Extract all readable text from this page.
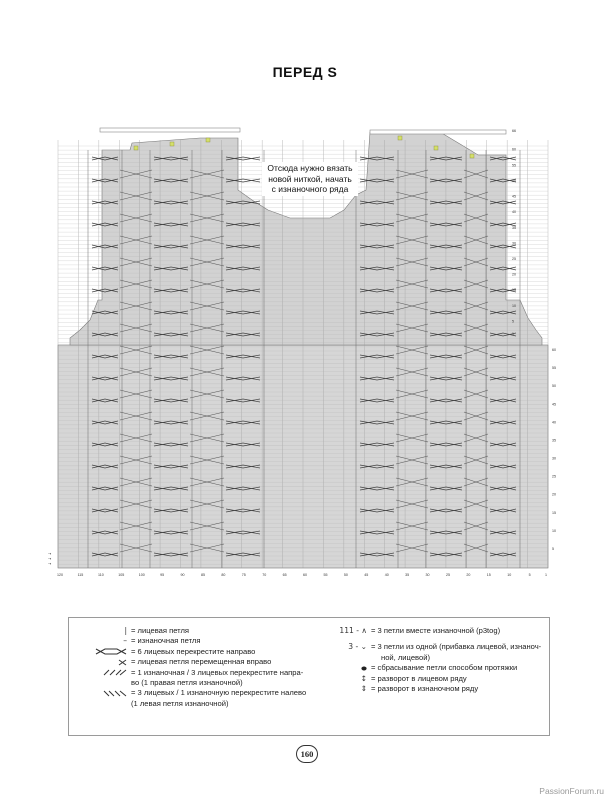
ПЕРЕД S
→
→
→
120	115	110	105	100	95	90	85	80	75	70	65	60	55	50	45	40	35	30	25	20	15	10	5	1
60
55
50
45
40
35
30
25
20
15
10
5
66
60
55
50
45
40
35
30
25
20
15
10
5
1
Отсюда нужно вязать
новой ниткой, начать
с изнаночного ряда
| = лицевая петля
– = изнаночная петля
= 6 лицевых перекрестите направо
= лицевая петля перемещенная вправо
= 1 изнаночная / 3 лицевых перекрестите напра-
во (1 правая петля изнаночной)
= 3 лицевых / 1 изнаночную перекрестите налево
(1 левая петля изнаночной)
111 - ∧ = 3 петли вместе изнаночной (p3tog)
3 - ⌄ = 3 петли из одной (прибавка лицевой, изнаноч-
ной, лицевой)
= сбрасывание петли способом протяжки
↕ = разворот в лицевом ряду
⇕ = разворот в изнаночном ряду
160
PassionForum.ru
